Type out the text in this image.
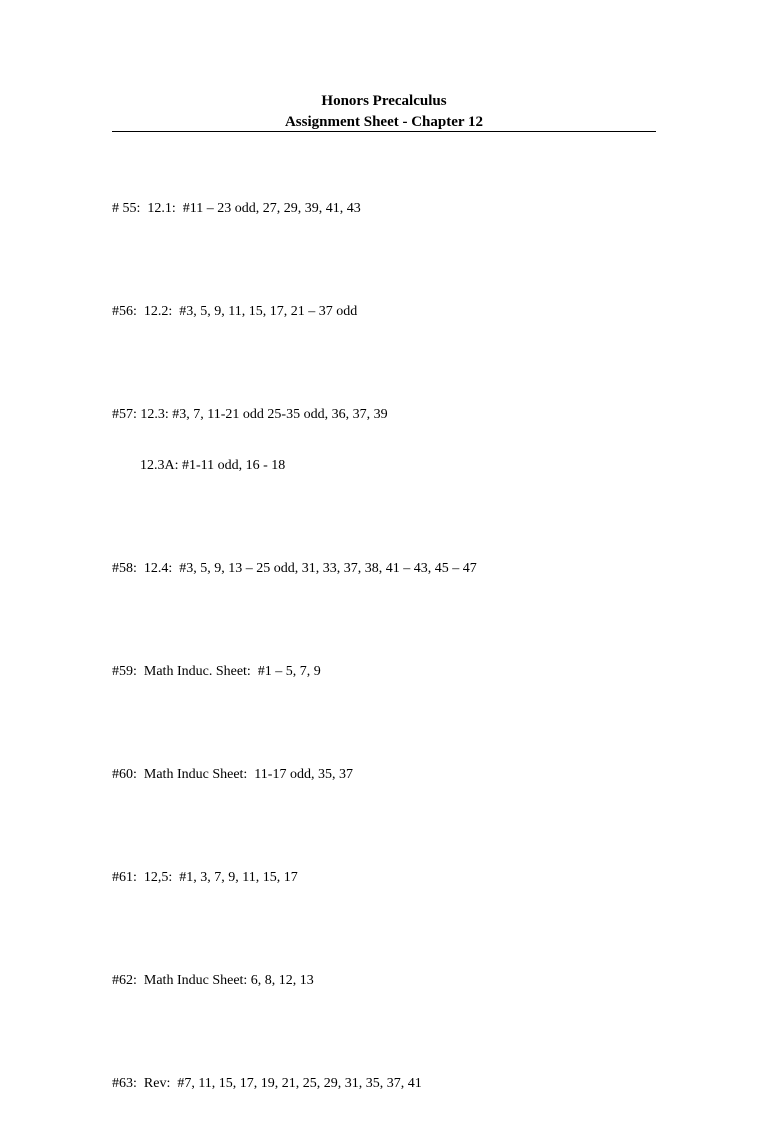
Honors Precalculus
Assignment Sheet - Chapter 12

# 55:  12.1:  #11 – 23 odd, 27, 29, 39, 41, 43

#56:  12.2:  #3, 5, 9, 11, 15, 17, 21 – 37 odd

#57: 12.3: #3, 7, 11-21 odd 25-35 odd, 36, 37, 39

12.3A: #1-11 odd, 16 - 18

#58:  12.4:  #3, 5, 9, 13 – 25 odd, 31, 33, 37, 38, 41 – 43, 45 – 47

#59:  Math Induc. Sheet:  #1 – 5, 7, 9

#60:  Math Induc Sheet:  11-17 odd, 35, 37

#61:  12,5:  #1, 3, 7, 9, 11, 15, 17

#62:  Math Induc Sheet: 6, 8, 12, 13

#63:  Rev:  #7, 11, 15, 17, 19, 21, 25, 29, 31, 35, 37, 41
